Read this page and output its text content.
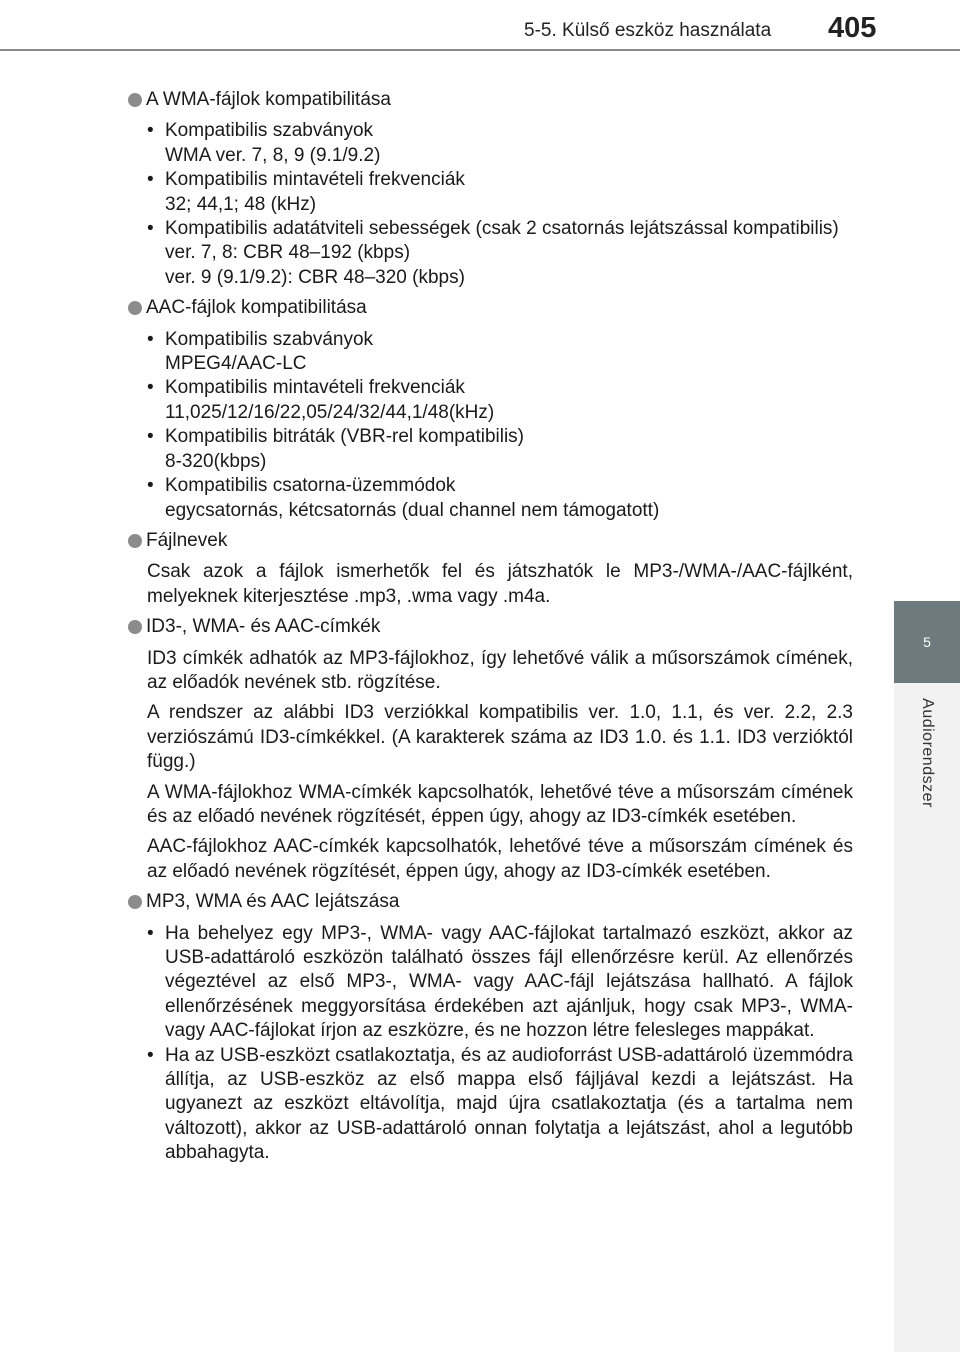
5-5. Külső eszköz használata	405
5
Audiorendszer
A WMA-fájlok kompatibilitása
• Kompatibilis szabványok
WMA ver. 7, 8, 9 (9.1/9.2)
• Kompatibilis mintavételi frekvenciák
32; 44,1; 48 (kHz)
• Kompatibilis adatátviteli sebességek (csak 2 csatornás lejátszással kompatibilis)
ver. 7, 8: CBR 48–192 (kbps)
ver. 9 (9.1/9.2): CBR 48–320 (kbps)
AAC-fájlok kompatibilitása
• Kompatibilis szabványok
MPEG4/AAC-LC
• Kompatibilis mintavételi frekvenciák
11,025/12/16/22,05/24/32/44,1/48(kHz)
• Kompatibilis bitráták (VBR-rel kompatibilis)
8-320(kbps)
• Kompatibilis csatorna-üzemmódok
egycsatornás, kétcsatornás (dual channel nem támogatott)
Fájlnevek
Csak azok a fájlok ismerhetők fel és játszhatók le MP3-/WMA-/AAC-fájlként, melyeknek kiterjesztése .mp3, .wma vagy .m4a.
ID3-, WMA- és AAC-címkék
ID3 címkék adhatók az MP3-fájlokhoz, így lehetővé válik a műsorszámok címének, az előadók nevének stb. rögzítése.
A rendszer az alábbi ID3 verziókkal kompatibilis ver. 1.0, 1.1, és ver. 2.2, 2.3 verziószámú ID3-címkékkel. (A karakterek száma az ID3 1.0. és 1.1. ID3 verzióktól függ.)
A WMA-fájlokhoz WMA-címkék kapcsolhatók, lehetővé téve a műsorszám címének és az előadó nevének rögzítését, éppen úgy, ahogy az ID3-címkék esetében.
AAC-fájlokhoz AAC-címkék kapcsolhatók, lehetővé téve a műsorszám címének és az előadó nevének rögzítését, éppen úgy, ahogy az ID3-címkék esetében.
MP3, WMA és AAC lejátszása
• Ha behelyez egy MP3-, WMA- vagy AAC-fájlokat tartalmazó eszközt, akkor az USB-adattároló eszközön található összes fájl ellenőrzésre kerül. Az ellenőrzés végeztével az első MP3-, WMA- vagy AAC-fájl lejátszása hallható. A fájlok ellenőrzésének meggyorsítása érdekében azt ajánljuk, hogy csak MP3-, WMA- vagy AAC-fájlokat írjon az eszközre, és ne hozzon létre felesleges mappákat.
• Ha az USB-eszközt csatlakoztatja, és az audioforrást USB-adattároló üzemmódra állítja, az USB-eszköz az első mappa első fájljával kezdi a lejátszást. Ha ugyanezt az eszközt eltávolítja, majd újra csatlakoztatja (és a tartalma nem változott), akkor az USB-adattároló onnan folytatja a lejátszást, ahol a legutóbb abbahagyta.
